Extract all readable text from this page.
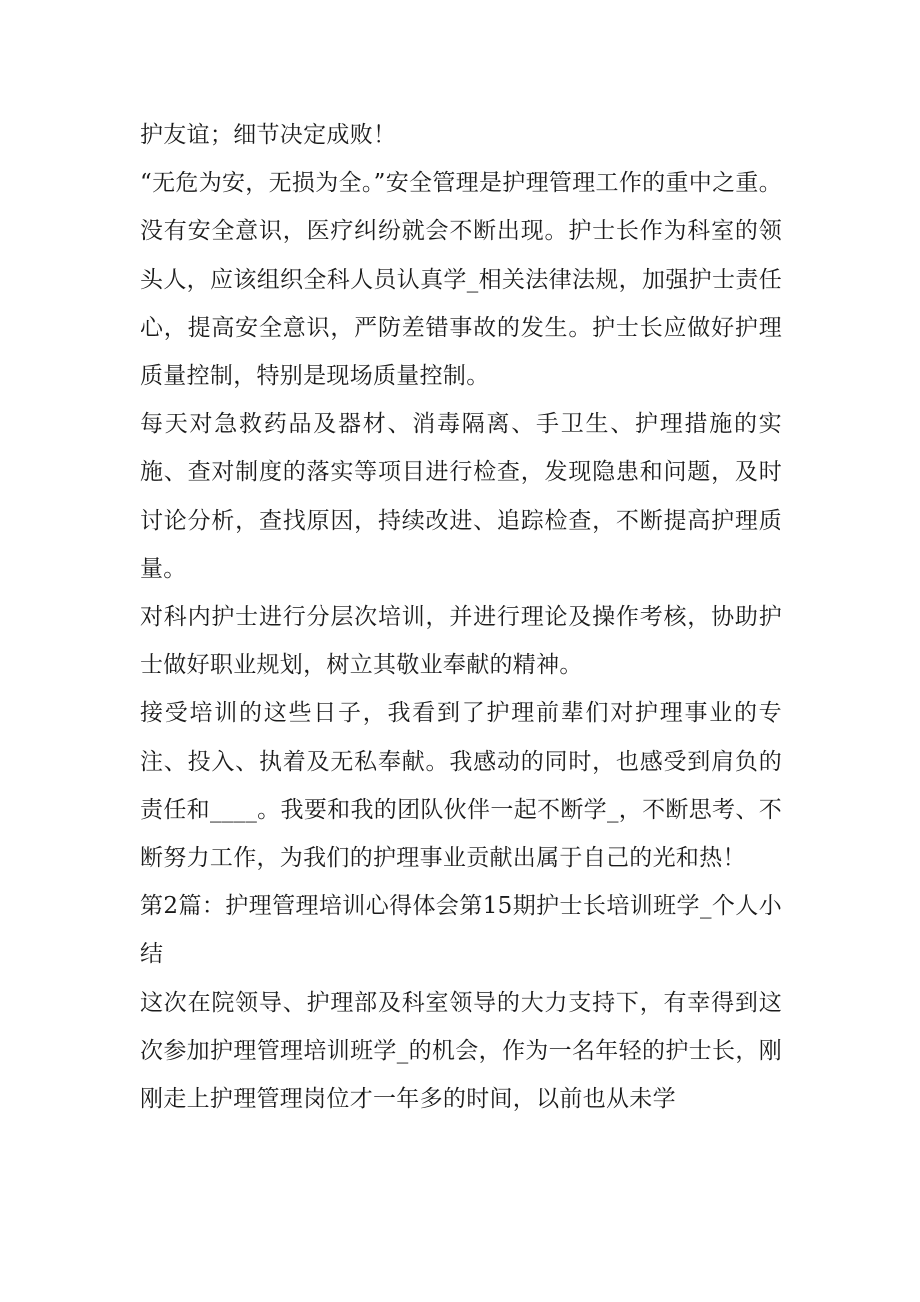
护友谊；细节决定成败！

“无危为安，无损为全。”安全管理是护理管理工作的重中之重。没有安全意识，医疗纠纷就会不断出现。护士长作为科室的领头人，应该组织全科人员认真学_相关法律法规，加强护士责任心，提高安全意识，严防差错事故的发生。护士长应做好护理质量控制，特别是现场质量控制。

每天对急救药品及器材、消毒隔离、手卫生、护理措施的实施、查对制度的落实等项目进行检查，发现隐患和问题，及时讨论分析，查找原因，持续改进、追踪检查，不断提高护理质量。

对科内护士进行分层次培训，并进行理论及操作考核，协助护士做好职业规划，树立其敬业奉献的精神。

接受培训的这些日子，我看到了护理前辈们对护理事业的专注、投入、执着及无私奉献。我感动的同时，也感受到肩负的责任和____。我要和我的团队伙伴一起不断学_，不断思考、不断努力工作，为我们的护理事业贡献出属于自己的光和热！

第2篇：护理管理培训心得体会第15期护士长培训班学_个人小结

这次在院领导、护理部及科室领导的大力支持下，有幸得到这次参加护理管理培训班学_的机会，作为一名年轻的护士长，刚刚走上护理管理岗位才一年多的时间，以前也从未学
